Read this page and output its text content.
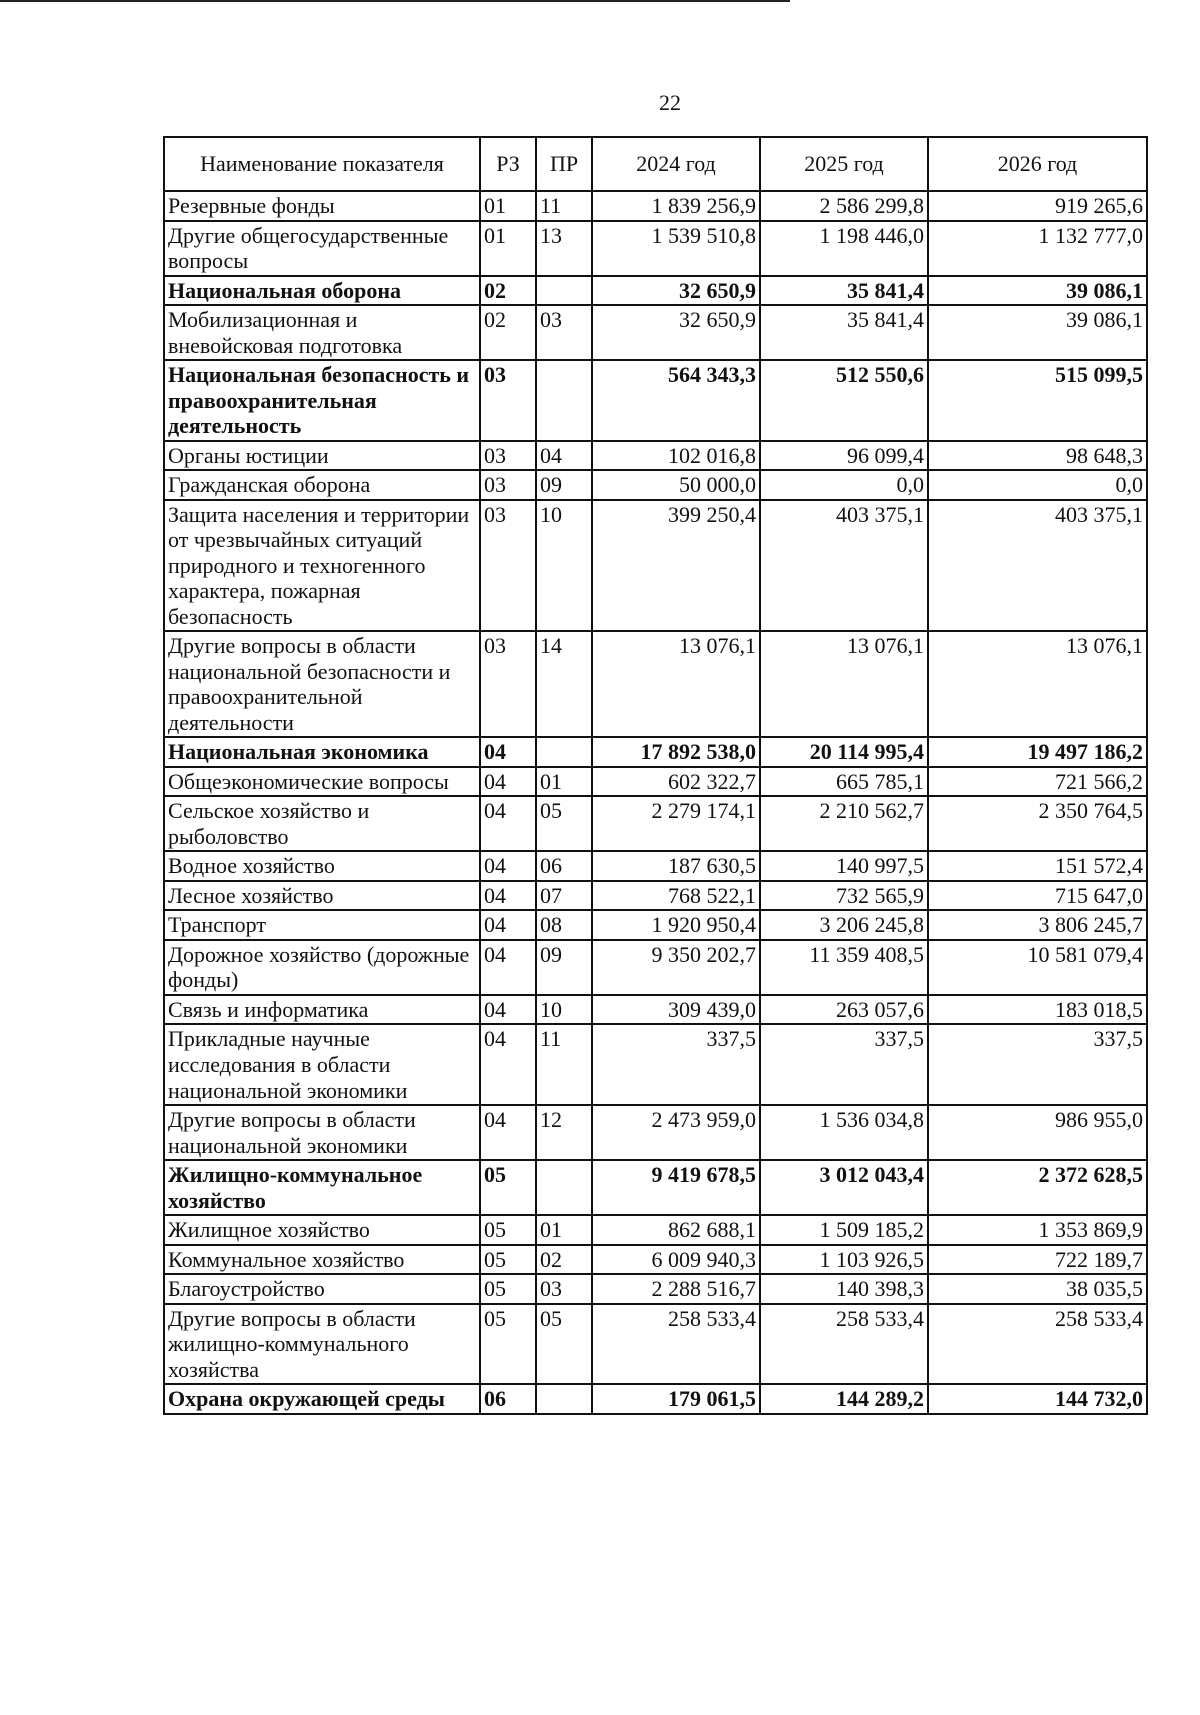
22
Наименование показателя	РЗ	ПР	2024 год	2025 год	2026 год
Резервные фонды	01	11	1 839 256,9	2 586 299,8	919 265,6
Другие общегосударственные вопросы	01	13	1 539 510,8	1 198 446,0	1 132 777,0
Национальная оборона	02		32 650,9	35 841,4	39 086,1
Мобилизационная и вневойсковая подготовка	02	03	32 650,9	35 841,4	39 086,1
Национальная безопасность и правоохранительная деятельность	03		564 343,3	512 550,6	515 099,5
Органы юстиции	03	04	102 016,8	96 099,4	98 648,3
Гражданская оборона	03	09	50 000,0	0,0	0,0
Защита населения и территории от чрезвычайных ситуаций природного и техногенного характера, пожарная безопасность	03	10	399 250,4	403 375,1	403 375,1
Другие вопросы в области национальной безопасности и правоохранительной деятельности	03	14	13 076,1	13 076,1	13 076,1
Национальная экономика	04		17 892 538,0	20 114 995,4	19 497 186,2
Общеэкономические вопросы	04	01	602 322,7	665 785,1	721 566,2
Сельское хозяйство и рыболовство	04	05	2 279 174,1	2 210 562,7	2 350 764,5
Водное хозяйство	04	06	187 630,5	140 997,5	151 572,4
Лесное хозяйство	04	07	768 522,1	732 565,9	715 647,0
Транспорт	04	08	1 920 950,4	3 206 245,8	3 806 245,7
Дорожное хозяйство (дорожные фонды)	04	09	9 350 202,7	11 359 408,5	10 581 079,4
Связь и информатика	04	10	309 439,0	263 057,6	183 018,5
Прикладные научные исследования в области национальной экономики	04	11	337,5	337,5	337,5
Другие вопросы в области национальной экономики	04	12	2 473 959,0	1 536 034,8	986 955,0
Жилищно-коммунальное хозяйство	05		9 419 678,5	3 012 043,4	2 372 628,5
Жилищное хозяйство	05	01	862 688,1	1 509 185,2	1 353 869,9
Коммунальное хозяйство	05	02	6 009 940,3	1 103 926,5	722 189,7
Благоустройство	05	03	2 288 516,7	140 398,3	38 035,5
Другие вопросы в области жилищно-коммунального хозяйства	05	05	258 533,4	258 533,4	258 533,4
Охрана окружающей среды	06		179 061,5	144 289,2	144 732,0
